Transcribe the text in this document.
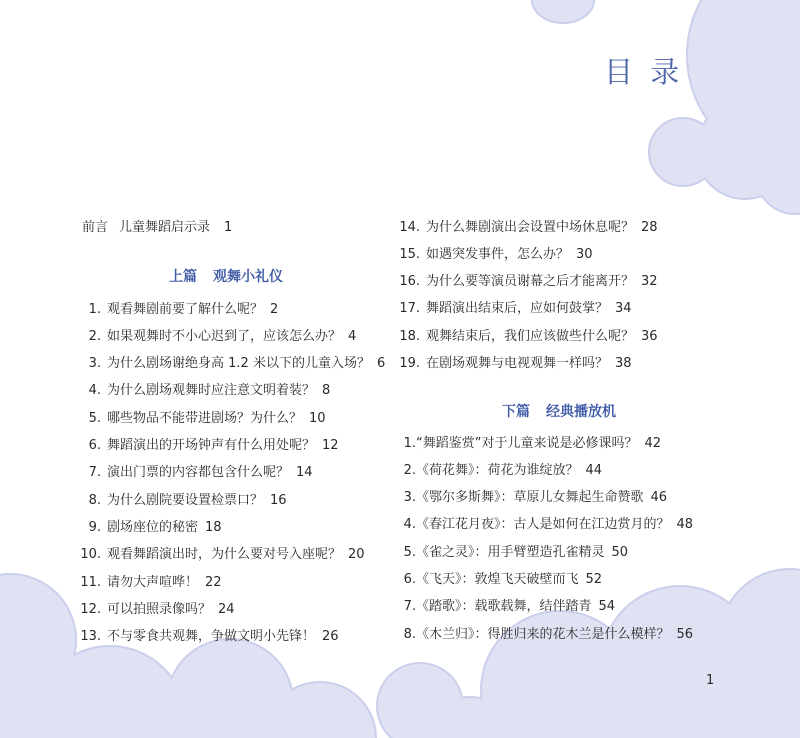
目 录
前言 儿童舞蹈启示录 1
上篇 观舞小礼仪
1. 观看舞剧前要了解什么呢？ 2
2. 如果观舞时不小心迟到了，应该怎么办？ 4
3. 为什么剧场谢绝身高 1.2 米以下的儿童入场？ 6
4. 为什么剧场观舞时应注意文明着装？ 8
5. 哪些物品不能带进剧场？为什么？ 10
6. 舞蹈演出的开场钟声有什么用处呢？ 12
7. 演出门票的内容都包含什么呢？ 14
8. 为什么剧院要设置检票口？ 16
9. 剧场座位的秘密 18
10. 观看舞蹈演出时，为什么要对号入座呢？ 20
11. 请勿大声喧哗！ 22
12. 可以拍照录像吗？ 24
13. 不与零食共观舞，争做文明小先锋！ 26
14. 为什么舞剧演出会设置中场休息呢？ 28
15. 如遇突发事件，怎么办？ 30
16. 为什么要等演员谢幕之后才能离开？ 32
17. 舞蹈演出结束后，应如何鼓掌？ 34
18. 观舞结束后，我们应该做些什么呢？ 36
19. 在剧场观舞与电视观舞一样吗？ 38
下篇 经典播放机
1. “舞蹈鉴赏”对于儿童来说是必修课吗？ 42
2. 《荷花舞》：荷花为谁绽放？ 44
3. 《鄂尔多斯舞》：草原儿女舞起生命赞歌 46
4. 《春江花月夜》：古人是如何在江边赏月的？ 48
5. 《雀之灵》：用手臂塑造孔雀精灵 50
6. 《飞天》：敦煌飞天破壁而飞 52
7. 《踏歌》：载歌载舞，结伴踏青 54
8. 《木兰归》：得胜归来的花木兰是什么模样？ 56
1
